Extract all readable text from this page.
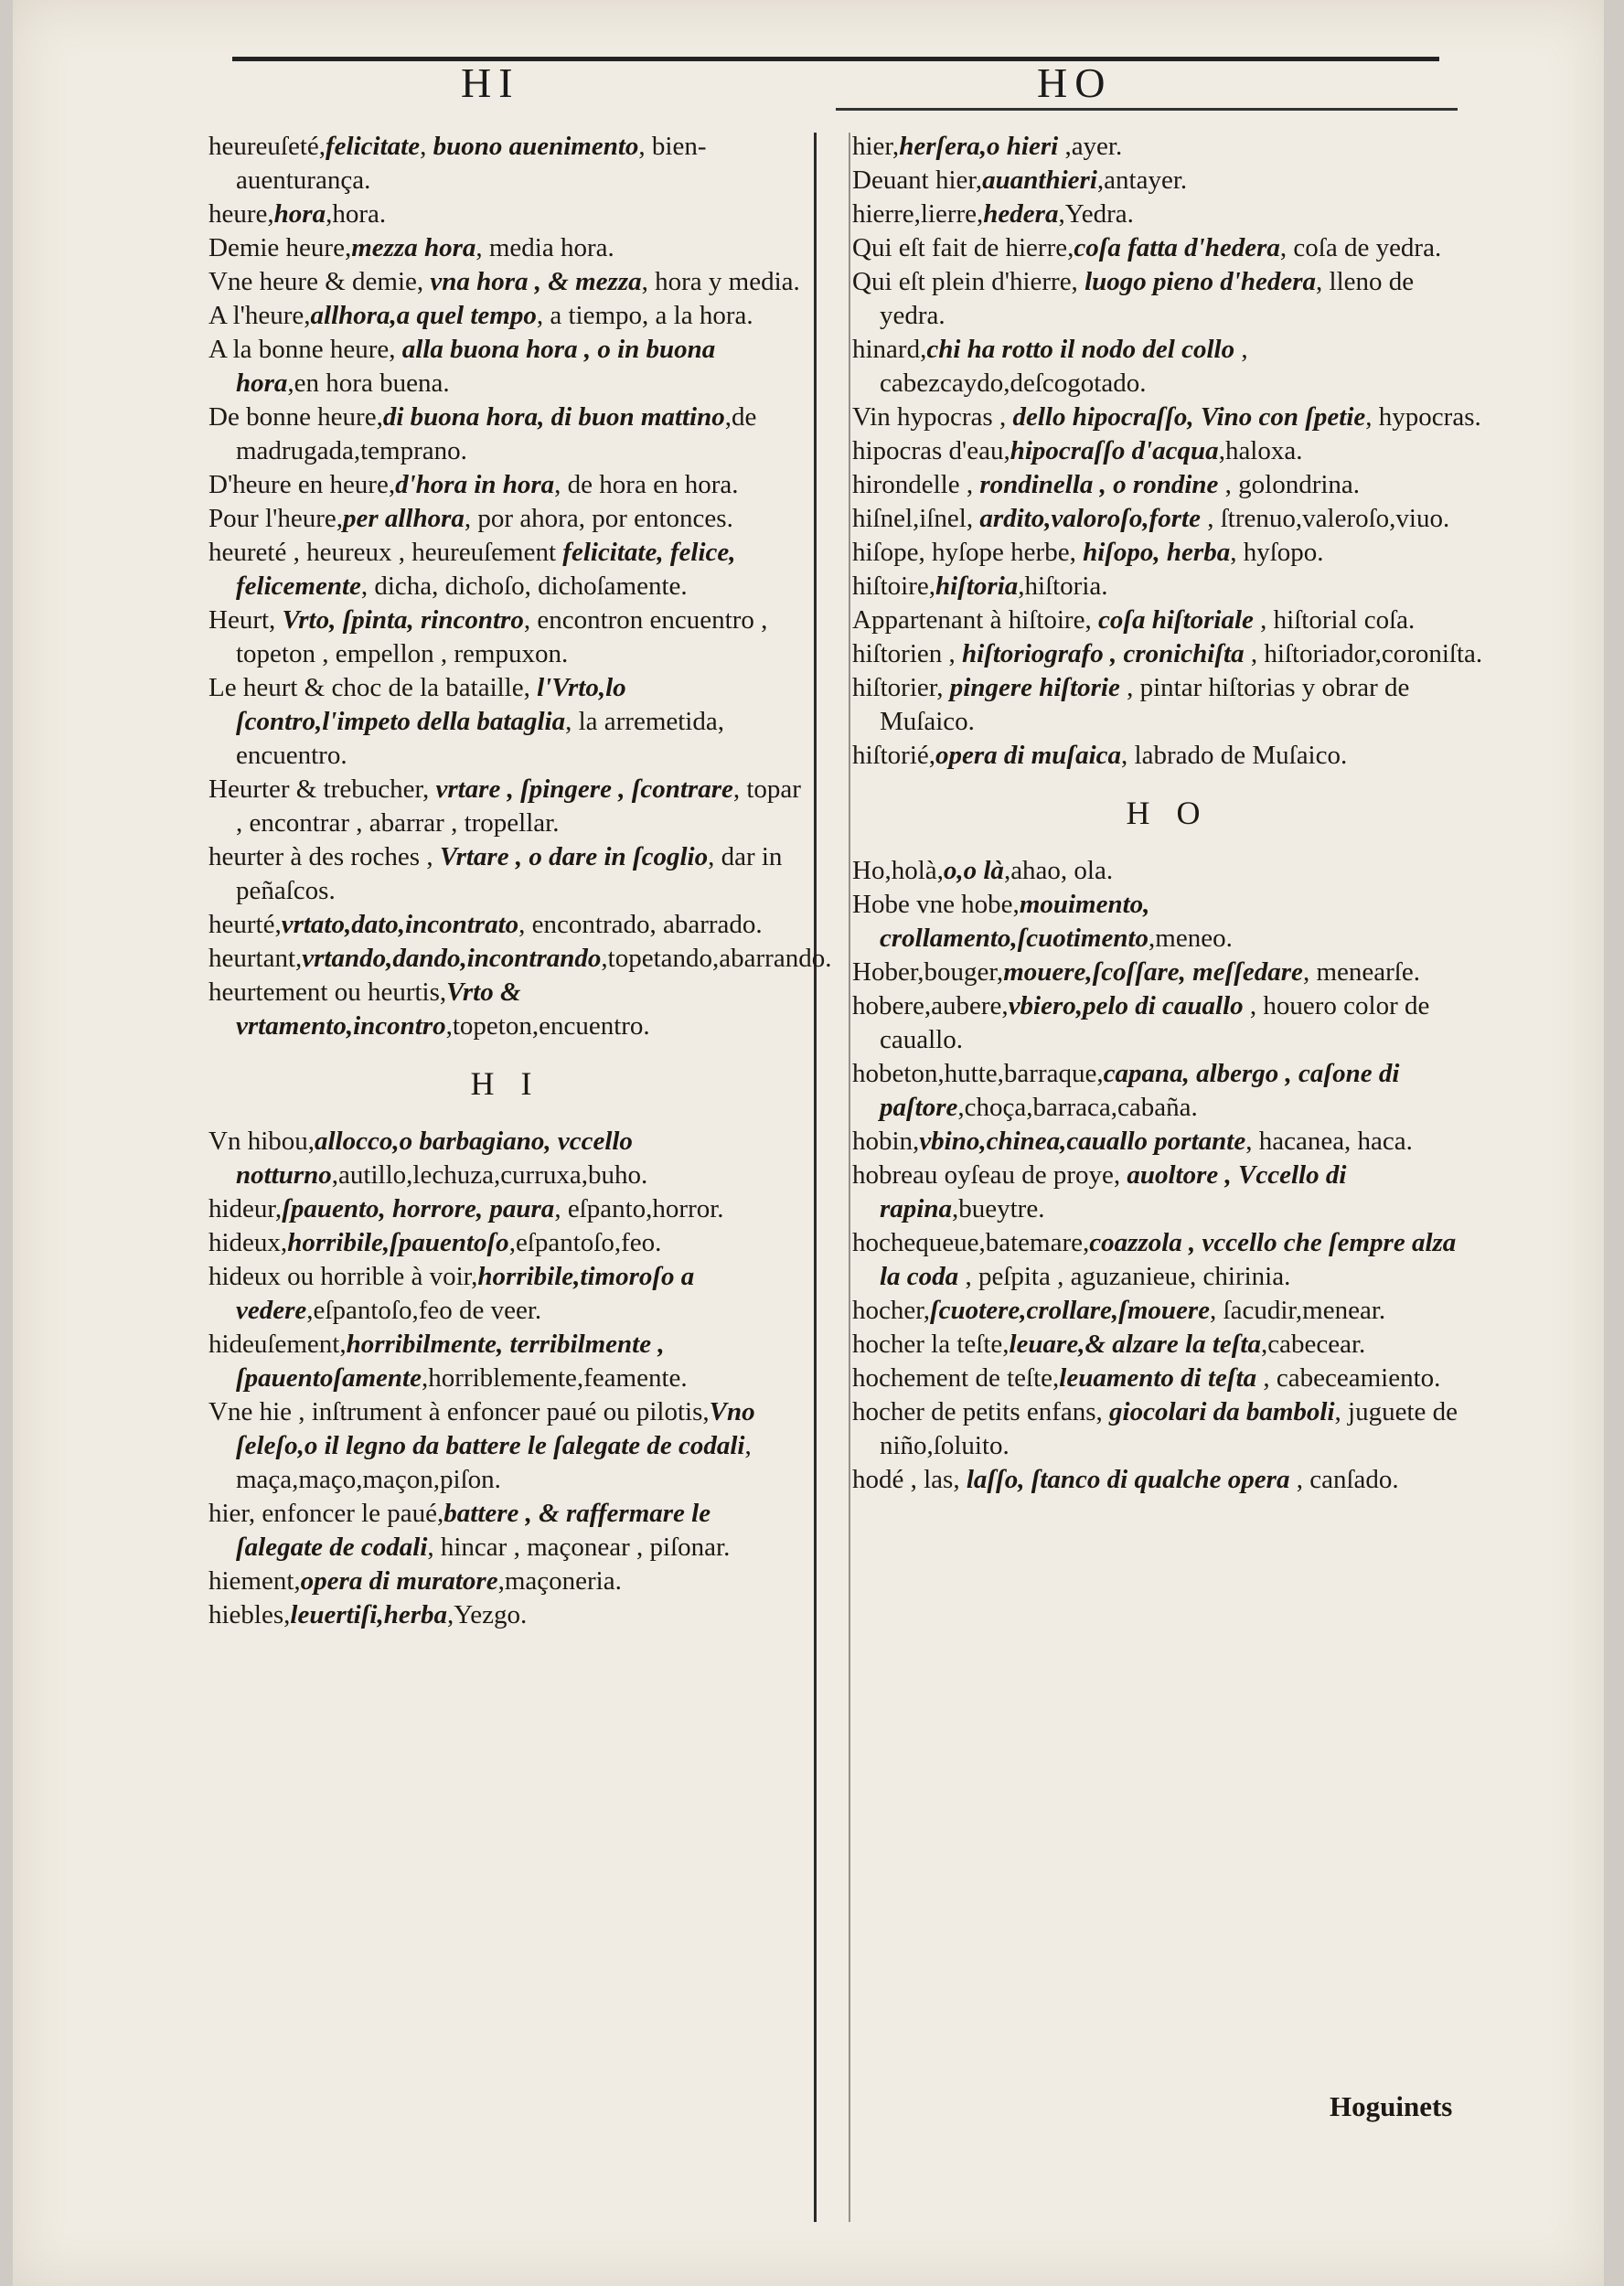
HI	HO

heureuſeté,felicitate, buono auenimento, bien-auenturança.

heure,hora,hora.

Demie heure,mezza hora, media hora.

Vne heure & demie, vna hora , & mezza, hora y media.

A l'heure,allhora,a quel tempo, a tiempo, a la hora.

A la bonne heure, alla buona hora , o in buona hora,en hora buena.

De bonne heure,di buona hora, di buon mattino,de madrugada,temprano.

D'heure en heure,d'hora in hora, de hora en hora.

Pour l'heure,per allhora, por ahora, por entonces.

heureté , heureux , heureuſement felicitate, felice, felicemente, dicha, dichoſo, dichoſamente.

Heurt, Vrto, ſpinta, rincontro, encontron encuentro , topeton , empellon , rempuxon.

Le heurt & choc de la bataille, l'Vrto,lo ſcontro,l'impeto della bataglia, la arremetida, encuentro.

Heurter & trebucher, vrtare , ſpingere , ſcontrare, topar , encontrar , abarrar , tropellar.

heurter à des roches , Vrtare , o dare in ſcoglio, dar in peñaſcos.

heurté,vrtato,dato,incontrato, encontrado, abarrado.

heurtant,vrtando,dando,incontrando,topetando,abarrando.

heurtement ou heurtis,Vrto & vrtamento,incontro,topeton,encuentro.

H I

Vn hibou,allocco,o barbagiano, vccello notturno,autillo,lechuza,curruxa,buho.

hideur,ſpauento, horrore, paura, eſpanto,horror.

hideux,horribile,ſpauentoſo,eſpantoſo,feo.

hideux ou horrible à voir,horribile,timoroſo a vedere,eſpantoſo,feo de veer.

hideuſement,horribilmente, terribilmente , ſpauentoſamente,horriblemente,feamente.

Vne hie , inſtrument à enfoncer paué ou pilotis,Vno ſeleſo,o il legno da battere le ſalegate de codali, maça,maço,maçon,piſon.

hier, enfoncer le paué,battere , & raffermare le ſalegate de codali, hincar , maçonear , piſonar.

hiement,opera di muratore,maçoneria.

hiebles,leuertiſi,herba,Yezgo.

hier,herſera,o hieri ,ayer.

Deuant hier,auanthieri,antayer.

hierre,lierre,hedera,Yedra.

Qui eſt fait de hierre,coſa fatta d'hedera, coſa de yedra.

Qui eſt plein d'hierre, luogo pieno d'hedera, lleno de yedra.

hinard,chi ha rotto il nodo del collo , cabezcaydo,deſcogotado.

Vin hypocras , dello hipocraſſo, Vino con ſpetie, hypocras.

hipocras d'eau,hipocraſſo d'acqua,haloxa.

hirondelle , rondinella , o rondine , golondrina.

hiſnel,iſnel, ardito,valoroſo,forte , ſtrenuo,valeroſo,viuo.

hiſope, hyſope herbe, hiſopo, herba, hyſopo.

hiſtoire,hiſtoria,hiſtoria.

Appartenant à hiſtoire, coſa hiſtoriale , hiſtorial coſa.

hiſtorien , hiſtoriografo , cronichiſta , hiſtoriador,coroniſta.

hiſtorier, pingere hiſtorie , pintar hiſtorias y obrar de Muſaico.

hiſtorié,opera di muſaica, labrado de Muſaico.

H O

Ho,holà,o,o là,ahao, ola.

Hobe vne hobe,mouimento, crollamento,ſcuotimento,meneo.

Hober,bouger,mouere,ſcoſſare, meſſedare, menearſe.

hobere,aubere,vbiero,pelo di cauallo , houero color de cauallo.

hobeton,hutte,barraque,capana, albergo , caſone di paſtore,choça,barraca,cabaña.

hobin,vbino,chinea,cauallo portante, hacanea, haca.

hobreau oyſeau de proye, auoltore , Vccello di rapina,bueytre.

hochequeue,batemare,coazzola , vccello che ſempre alza la coda , peſpita , aguzanieue, chirinia.

hocher,ſcuotere,crollare,ſmouere, ſacudir,menear.

hocher la teſte,leuare,& alzare la teſta,cabecear.

hochement de teſte,leuamento di teſta , cabeceamiento.

hocher de petits enfans, giocolari da bamboli, juguete de niño,ſoluito.

hodé , las, laſſo, ſtanco di qualche opera , canſado.

Hoguinets
